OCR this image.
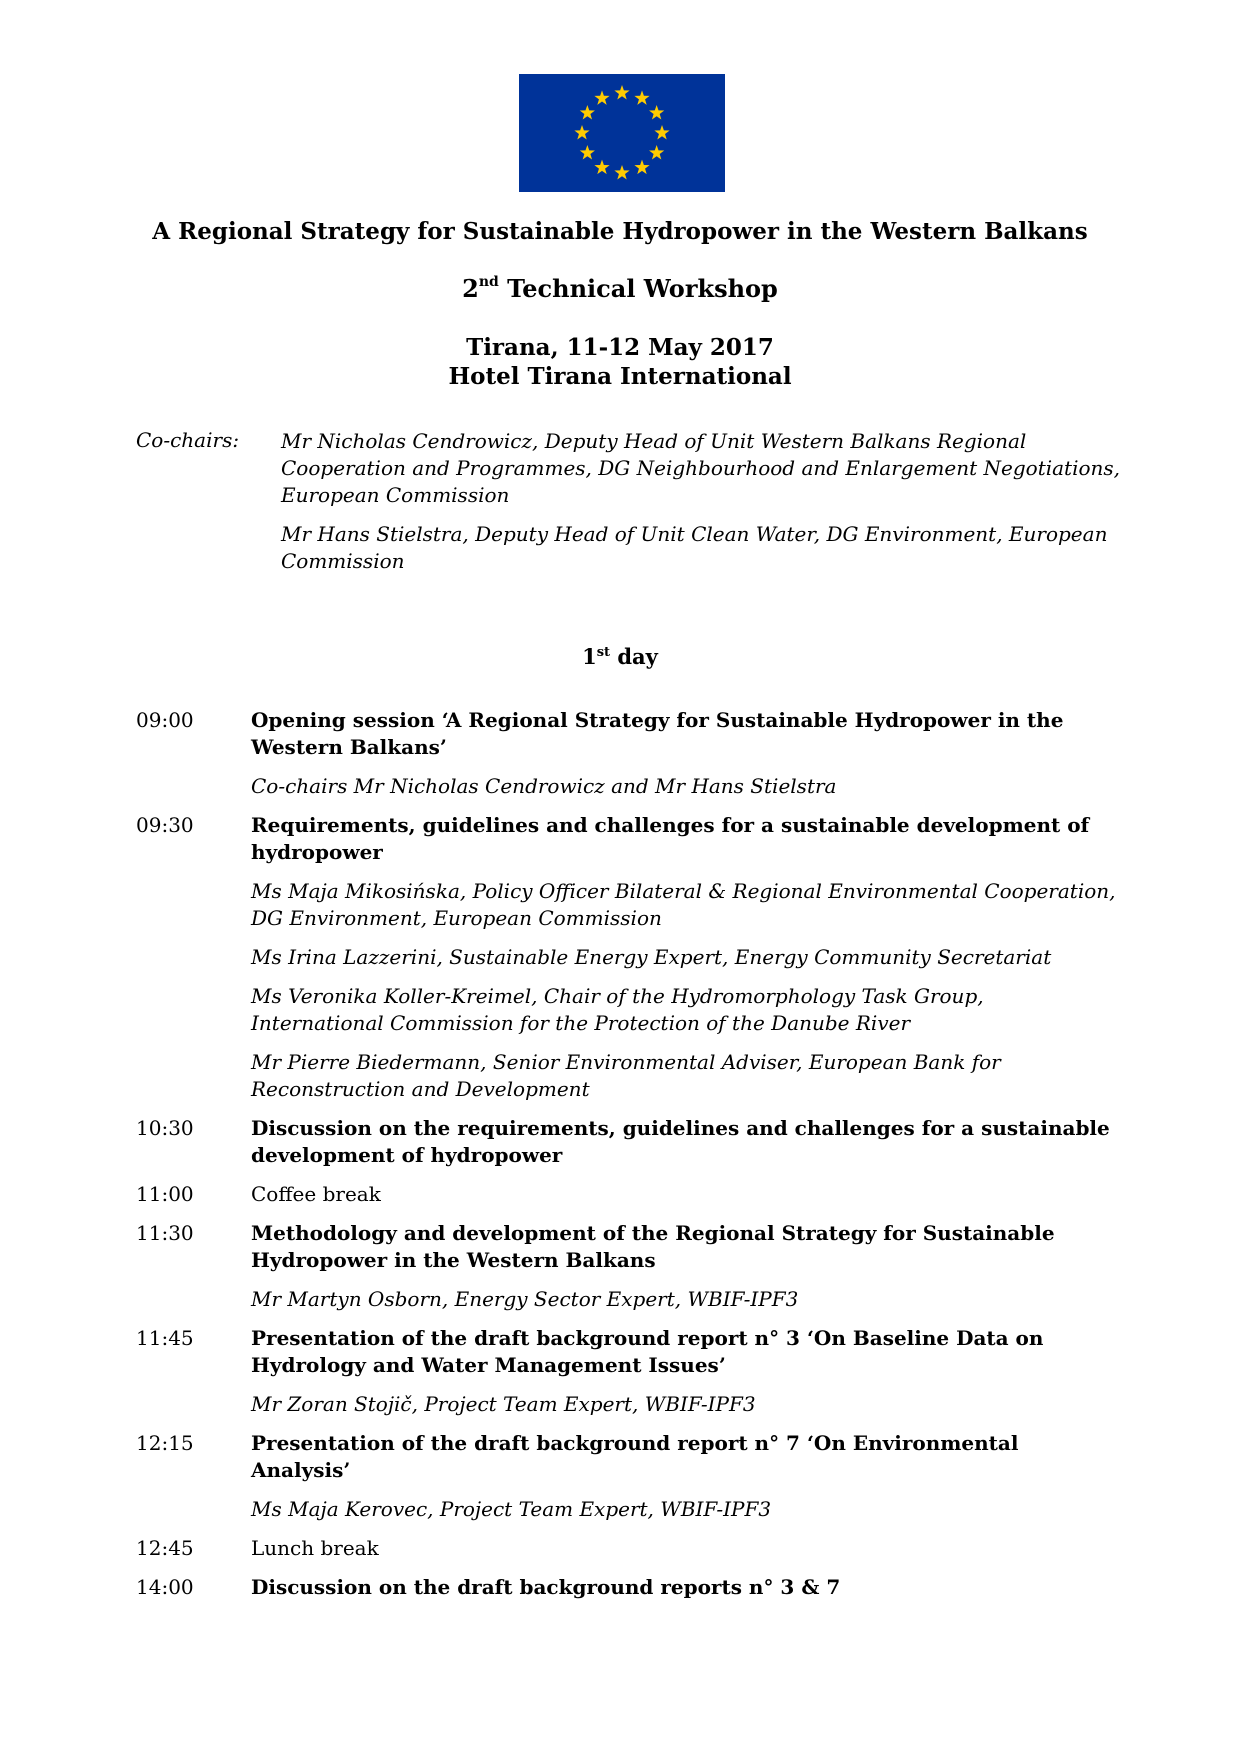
A Regional Strategy for Sustainable Hydropower in the Western Balkans
2nd Technical Workshop
Tirana, 11-12 May 2017
Hotel Tirana International
Co-chairs: Mr Nicholas Cendrowicz, Deputy Head of Unit Western Balkans Regional Cooperation and Programmes, DG Neighbourhood and Enlargement Negotiations, European Commission
Mr Hans Stielstra, Deputy Head of Unit Clean Water, DG Environment, European Commission
1st day
09:00	Opening session ‘A Regional Strategy for Sustainable Hydropower in the Western Balkans’
Co-chairs Mr Nicholas Cendrowicz and Mr Hans Stielstra
09:30	Requirements, guidelines and challenges for a sustainable development of hydropower
Ms Maja Mikosińska, Policy Officer Bilateral & Regional Environmental Cooperation, DG Environment, European Commission
Ms Irina Lazzerini, Sustainable Energy Expert, Energy Community Secretariat
Ms Veronika Koller-Kreimel, Chair of the Hydromorphology Task Group, International Commission for the Protection of the Danube River
Mr Pierre Biedermann, Senior Environmental Adviser, European Bank for Reconstruction and Development
10:30	Discussion on the requirements, guidelines and challenges for a sustainable development of hydropower
11:00	Coffee break
11:30	Methodology and development of the Regional Strategy for Sustainable Hydropower in the Western Balkans
Mr Martyn Osborn, Energy Sector Expert, WBIF-IPF3
11:45	Presentation of the draft background report n° 3 ‘On Baseline Data on Hydrology and Water Management Issues’
Mr Zoran Stojič, Project Team Expert, WBIF-IPF3
12:15	Presentation of the draft background report n° 7 ‘On Environmental Analysis’
Ms Maja Kerovec, Project Team Expert, WBIF-IPF3
12:45	Lunch break
14:00	Discussion on the draft background reports n° 3 & 7
